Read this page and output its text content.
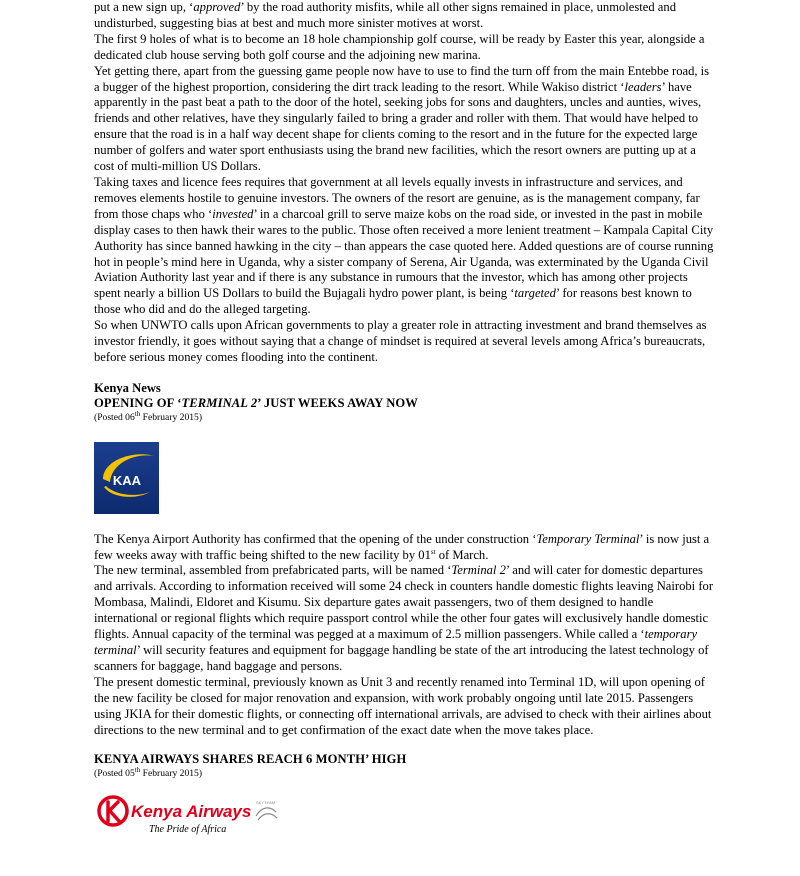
put a new sign up, ‘approved’ by the road authority misfits, while all other signs remained in place, unmolested and undisturbed, suggesting bias at best and much more sinister motives at worst.

The first 9 holes of what is to become an 18 hole championship golf course, will be ready by Easter this year, alongside a dedicated club house serving both golf course and the adjoining new marina.

Yet getting there, apart from the guessing game people now have to use to find the turn off from the main Entebbe road, is a bugger of the highest proportion, considering the dirt track leading to the resort. While Wakiso district ‘leaders’ have apparently in the past beat a path to the door of the hotel, seeking jobs for sons and daughters, uncles and aunties, wives, friends and other relatives, have they singularly failed to bring a grader and roller with them. That would have helped to ensure that the road is in a half way decent shape for clients coming to the resort and in the future for the expected large number of golfers and water sport enthusiasts using the brand new facilities, which the resort owners are putting up at a cost of multi-million US Dollars.

Taking taxes and licence fees requires that government at all levels equally invests in infrastructure and services, and removes elements hostile to genuine investors. The owners of the resort are genuine, as is the management company, far from those chaps who ‘invested’ in a charcoal grill to serve maize kobs on the road side, or invested in the past in mobile display cases to then hawk their wares to the public. Those often received a more lenient treatment – Kampala Capital City Authority has since banned hawking in the city – than appears the case quoted here. Added questions are of course running hot in people’s mind here in Uganda, why a sister company of Serena, Air Uganda, was exterminated by the Uganda Civil Aviation Authority last year and if there is any substance in rumours that the investor, which has among other projects spent nearly a billion US Dollars to build the Bujagali hydro power plant, is being ‘targeted’ for reasons best known to those who did and do the alleged targeting.

So when UNWTO calls upon African governments to play a greater role in attracting investment and brand themselves as investor friendly, it goes without saying that a change of mindset is required at several levels among Africa’s bureaucrats, before serious money comes flooding into the continent.

Kenya News

OPENING OF ‘TERMINAL 2’ JUST WEEKS AWAY NOW

(Posted 06th February 2015)

KAA

The Kenya Airport Authority has confirmed that the opening of the under construction ‘Temporary Terminal’ is now just a few weeks away with traffic being shifted to the new facility by 01st of March.

The new terminal, assembled from prefabricated parts, will be named ‘Terminal 2’ and will cater for domestic departures and arrivals. According to information received will some 24 check in counters handle domestic flights leaving Nairobi for Mombasa, Malindi, Eldoret and Kisumu. Six departure gates await passengers, two of them designed to handle international or regional flights which require passport control while the other four gates will exclusively handle domestic flights. Annual capacity of the terminal was pegged at a maximum of 2.5 million passengers. While called a ‘temporary terminal’ will security features and equipment for baggage handling be state of the art introducing the latest technology of scanners for baggage, hand baggage and persons.

The present domestic terminal, previously known as Unit 3 and recently renamed into Terminal 1D, will upon opening of the new facility be closed for major renovation and expansion, with work probably ongoing until late 2015. Passengers using JKIA for their domestic flights, or connecting off international arrivals, are advised to check with their airlines about directions to the new terminal and to get confirmation of the exact date when the move takes place.

KENYA AIRWAYS SHARES REACH 6 MONTH’ HIGH

(Posted 05th February 2015)

Kenya Airways
The Pride of Africa
SKYTEAM
